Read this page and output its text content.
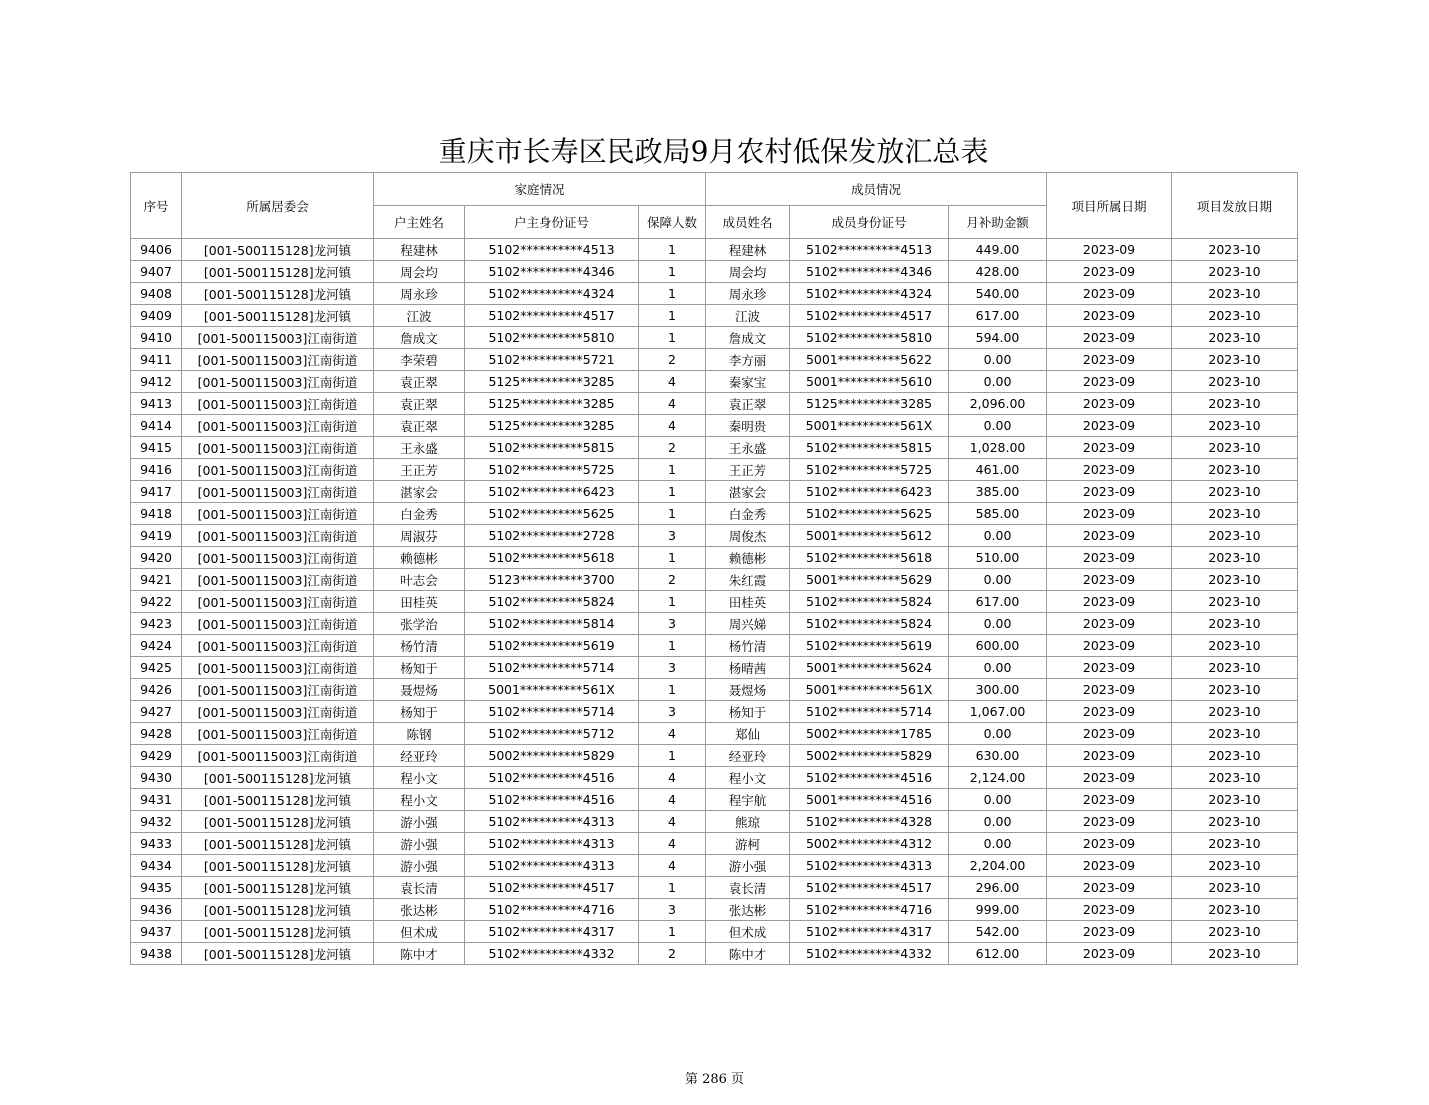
重庆市长寿区民政局9月农村低保发放汇总表
序号	所属居委会	家庭情况			成员情况			项目所属日期	项目发放日期
		户主姓名	户主身份证号	保障人数	成员姓名	成员身份证号	月补助金额		
9406	[001-500115128]龙河镇	程建林	5102**********4513	1	程建林	5102**********4513	449.00	2023-09	2023-10
9407	[001-500115128]龙河镇	周会均	5102**********4346	1	周会均	5102**********4346	428.00	2023-09	2023-10
9408	[001-500115128]龙河镇	周永珍	5102**********4324	1	周永珍	5102**********4324	540.00	2023-09	2023-10
9409	[001-500115128]龙河镇	江波	5102**********4517	1	江波	5102**********4517	617.00	2023-09	2023-10
9410	[001-500115003]江南街道	詹成文	5102**********5810	1	詹成文	5102**********5810	594.00	2023-09	2023-10
9411	[001-500115003]江南街道	李荣碧	5102**********5721	2	李方丽	5001**********5622	0.00	2023-09	2023-10
9412	[001-500115003]江南街道	袁正翠	5125**********3285	4	秦家宝	5001**********5610	0.00	2023-09	2023-10
9413	[001-500115003]江南街道	袁正翠	5125**********3285	4	袁正翠	5125**********3285	2,096.00	2023-09	2023-10
9414	[001-500115003]江南街道	袁正翠	5125**********3285	4	秦明贵	5001**********561X	0.00	2023-09	2023-10
9415	[001-500115003]江南街道	王永盛	5102**********5815	2	王永盛	5102**********5815	1,028.00	2023-09	2023-10
9416	[001-500115003]江南街道	王正芳	5102**********5725	1	王正芳	5102**********5725	461.00	2023-09	2023-10
9417	[001-500115003]江南街道	湛家会	5102**********6423	1	湛家会	5102**********6423	385.00	2023-09	2023-10
9418	[001-500115003]江南街道	白金秀	5102**********5625	1	白金秀	5102**********5625	585.00	2023-09	2023-10
9419	[001-500115003]江南街道	周淑芬	5102**********2728	3	周俊杰	5001**********5612	0.00	2023-09	2023-10
9420	[001-500115003]江南街道	赖德彬	5102**********5618	1	赖德彬	5102**********5618	510.00	2023-09	2023-10
9421	[001-500115003]江南街道	叶志会	5123**********3700	2	朱红霞	5001**********5629	0.00	2023-09	2023-10
9422	[001-500115003]江南街道	田桂英	5102**********5824	1	田桂英	5102**********5824	617.00	2023-09	2023-10
9423	[001-500115003]江南街道	张学治	5102**********5814	3	周兴娣	5102**********5824	0.00	2023-09	2023-10
9424	[001-500115003]江南街道	杨竹清	5102**********5619	1	杨竹清	5102**********5619	600.00	2023-09	2023-10
9425	[001-500115003]江南街道	杨知于	5102**********5714	3	杨晴茜	5001**********5624	0.00	2023-09	2023-10
9426	[001-500115003]江南街道	聂煜炀	5001**********561X	1	聂煜炀	5001**********561X	300.00	2023-09	2023-10
9427	[001-500115003]江南街道	杨知于	5102**********5714	3	杨知于	5102**********5714	1,067.00	2023-09	2023-10
9428	[001-500115003]江南街道	陈钢	5102**********5712	4	郑仙	5002**********1785	0.00	2023-09	2023-10
9429	[001-500115003]江南街道	经亚玲	5002**********5829	1	经亚玲	5002**********5829	630.00	2023-09	2023-10
9430	[001-500115128]龙河镇	程小文	5102**********4516	4	程小文	5102**********4516	2,124.00	2023-09	2023-10
9431	[001-500115128]龙河镇	程小文	5102**********4516	4	程宇航	5001**********4516	0.00	2023-09	2023-10
9432	[001-500115128]龙河镇	游小强	5102**********4313	4	熊琼	5102**********4328	0.00	2023-09	2023-10
9433	[001-500115128]龙河镇	游小强	5102**********4313	4	游柯	5002**********4312	0.00	2023-09	2023-10
9434	[001-500115128]龙河镇	游小强	5102**********4313	4	游小强	5102**********4313	2,204.00	2023-09	2023-10
9435	[001-500115128]龙河镇	袁长清	5102**********4517	1	袁长清	5102**********4517	296.00	2023-09	2023-10
9436	[001-500115128]龙河镇	张达彬	5102**********4716	3	张达彬	5102**********4716	999.00	2023-09	2023-10
9437	[001-500115128]龙河镇	但术成	5102**********4317	1	但术成	5102**********4317	542.00	2023-09	2023-10
9438	[001-500115128]龙河镇	陈中才	5102**********4332	2	陈中才	5102**********4332	612.00	2023-09	2023-10
第 286 页
